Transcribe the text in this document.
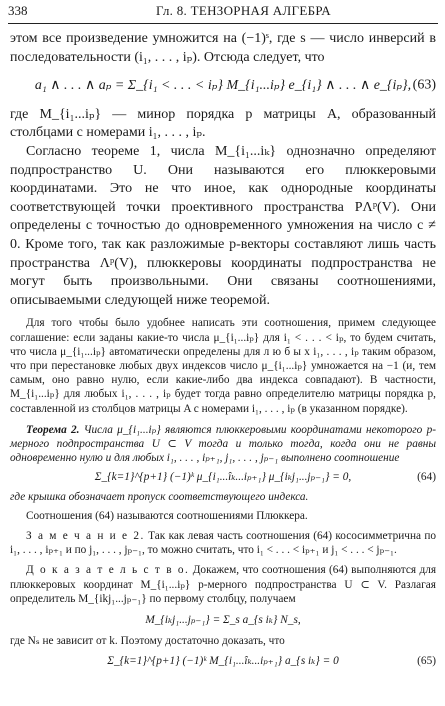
338	Гл. 8. ТЕНЗОРНАЯ АЛГЕБРА

этом все произведение умножится на (−1)ˢ, где s — число инверсий в последовательности (i₁, . . . , iₚ). Отсюда следует, что

a₁ ∧ . . . ∧ aₚ = Σ_{i₁ < . . . < iₚ} M_{i₁...iₚ} e_{i₁} ∧ . . . ∧ e_{iₚ}, (63)

где M_{i₁...iₚ} — минор порядка p матрицы A, образованный столбцами с номерами i₁, . . . , iₚ.

Согласно теореме 1, числа M_{i₁...iₖ} однозначно определяют подпространство U. Они называются его плюккеровыми координатами. Это не что иное, как однородные координаты соответствующей точки проективного пространства PΛᵖ(V). Они определены с точностью до одновременного умножения на число c ≠ 0. Кроме того, так как разложимые p-векторы составляют лишь часть пространства Λᵖ(V), плюккеровы координаты подпространства не могут быть произвольными. Они связаны соотношениями, описываемыми следующей ниже теоремой.

Для того чтобы было удобнее написать эти соотношения, примем следующее соглашение: если заданы какие-то числа μ_{i₁...iₚ} для i₁ < . . . < iₚ, то будем считать, что числа μ_{i₁...iₚ} автоматически определены для л ю б ы х i₁, . . . , iₚ таким образом, что при перестановке любых двух индексов число μ_{i₁...iₚ} умножается на −1 (и, тем самым, оно равно нулю, если какие-либо два индекса совпадают). В частности, M_{i₁...iₚ} для любых i₁, . . . , iₚ будет тогда равно определителю матрицы порядка p, составленной из столбцов матрицы A с номерами i₁, . . . , iₚ (в указанном порядке).

Теорема 2. Числа μ_{i₁...iₚ} являются плюккеровыми координатами некоторого p-мерного подпространства U ⊂ V тогда и только тогда, когда они не равны одновременно нулю и для любых i₁, . . . , iₚ₊₁, j₁, . . . , jₚ₋₁ выполнено соотношение

Σ_{k=1}^{p+1} (−1)ᵏ μ_{i₁...îₖ...iₚ₊₁} μ_{iₖj₁...jₚ₋₁} = 0,	(64)

где крышка обозначает пропуск соответствующего индекса.

Соотношения (64) называются соотношениями Плюккера.

З а м е ч а н и е 2. Так как левая часть соотношения (64) кососимметрична по i₁, . . . , iₚ₊₁ и по j₁, . . . , jₚ₋₁, то можно считать, что i₁ < . . . < iₚ₊₁ и j₁ < . . . < jₚ₋₁.

Д о к а з а т е л ь с т в о. Докажем, что соотношения (64) выполняются для плюккеровых координат M_{i₁...iₚ} p-мерного подпространства U ⊂ V. Разлагая определитель M_{ikj₁...jₚ₋₁} по первому столбцу, получаем

M_{iₖj₁...jₚ₋₁} = Σ_s a_{s iₖ} N_s,

где Nₛ не зависит от k. Поэтому достаточно доказать, что

Σ_{k=1}^{p+1} (−1)ᵏ M_{i₁...îₖ...iₚ₊₁} a_{s iₖ} = 0	(65)
